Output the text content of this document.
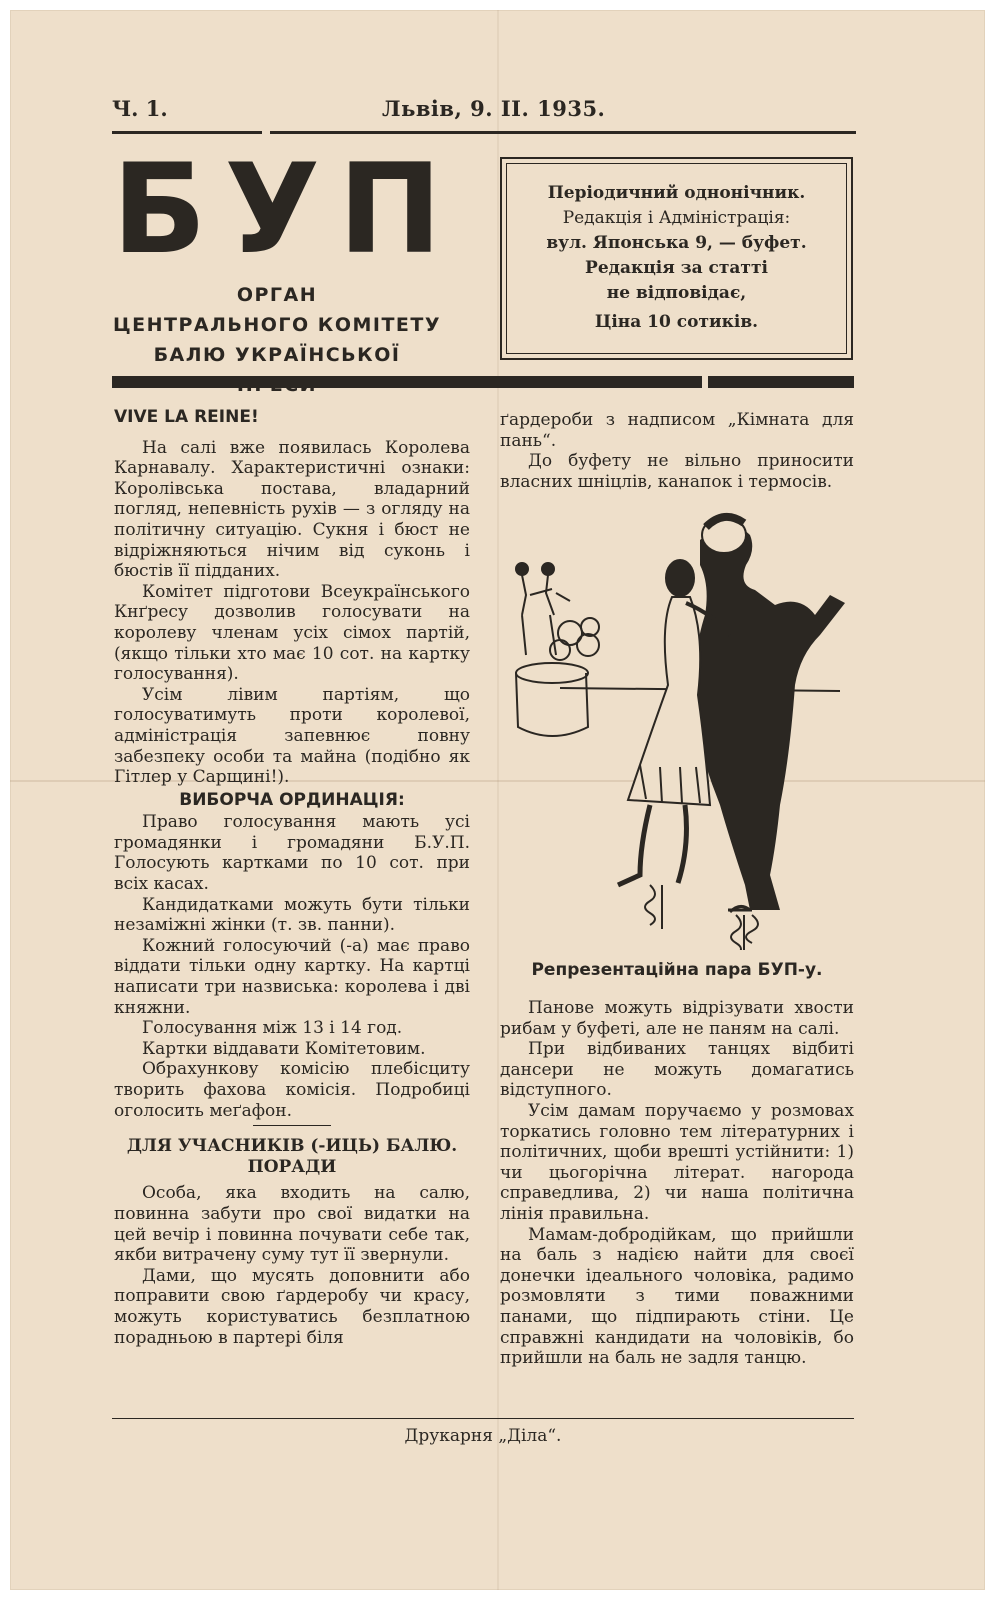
Ч. 1.	Львів, 9. II. 1935.
БУП
ОРГАН
ЦЕНТРАЛЬНОГО КОМІТЕТУ
БАЛЮ УКРАЇНСЬКОЇ
Періодичний однонічник.
Редакція і Адміністрація:
вул. Японська 9, — буфет.
Редакція за статті
не відповідає,
Ціна 10 сотиків.

VIVE LA REINE!

На салі вже появилась Королева Карнавалу. Характеристичні ознаки: Королівська постава, владарний погляд, непевність рухів — з огляду на політичну ситуацію. Сукня і бюст не відріжняються нічим від суконь і бюстів її підданих.

Комітет підготови Всеукраїнського Кнґресу дозволив голосувати на королеву членам усіх сімох партій, (якщо тільки хто має 10 сот. на картку голосування).

Усім лівим партіям, що голосуватимуть проти королевої, адміністрація запевнює повну забезпеку особи та майна (подібно як Гітлер у Сарщині!).

ВИБОРЧА ОРДИНАЦІЯ:

Право голосування мають усі громадянки і громадяни Б.У.П. Голосують картками по 10 сот. при всіх касах.

Кандидатками можуть бути тільки незаміжні жінки (т. зв. панни).

Кожний голосуючий (-а) має право віддати тільки одну картку. На картці написати три назвиська: королева і дві княжни.

Голосування між 13 і 14 год.

Картки віддавати Комітетовим.

Обрахункову комісію плебісциту творить фахова комісія. Подробиці оголосить меґафон.

ДЛЯ УЧАСНИКІВ (-ИЦЬ) БАЛЮ. ПОРАДИ

Особа, яка входить на салю, повинна забути про свої видатки на цей вечір і повинна почувати себе так, якби витрачену суму тут її звернули.

Дами, що мусять доповнити або поправити свою ґардеробу чи красу, можуть користуватись безплатною порадньою в партері біля

ґардероби з надписом „Кімната для пань“.

До буфету не вільно приносити власних шніцлів, канапок і термосів.

Репрезентаційна пара БУП-у.

Панове можуть відрізувати хвости рибам у буфеті, але не паням на салі.

При відбиваних танцях відбиті дансери не можуть домагатись відступного.

Усім дамам поручаємо у розмовах торкатись головно тем літературних і політичних, щоби врешті устійнити: 1) чи цьогорічна літерат. нагорода справедлива, 2) чи наша політична лінія правильна.

Мамам-добродійкам, що прийшли на баль з надією найти для своєї донечки ідеального чоловіка, радимо розмовляти з тими поважними панами, що підпирають стіни. Це справжні кандидати на чоловіків, бо прийшли на баль не задля танцю.

Друкарня „Діла“.
